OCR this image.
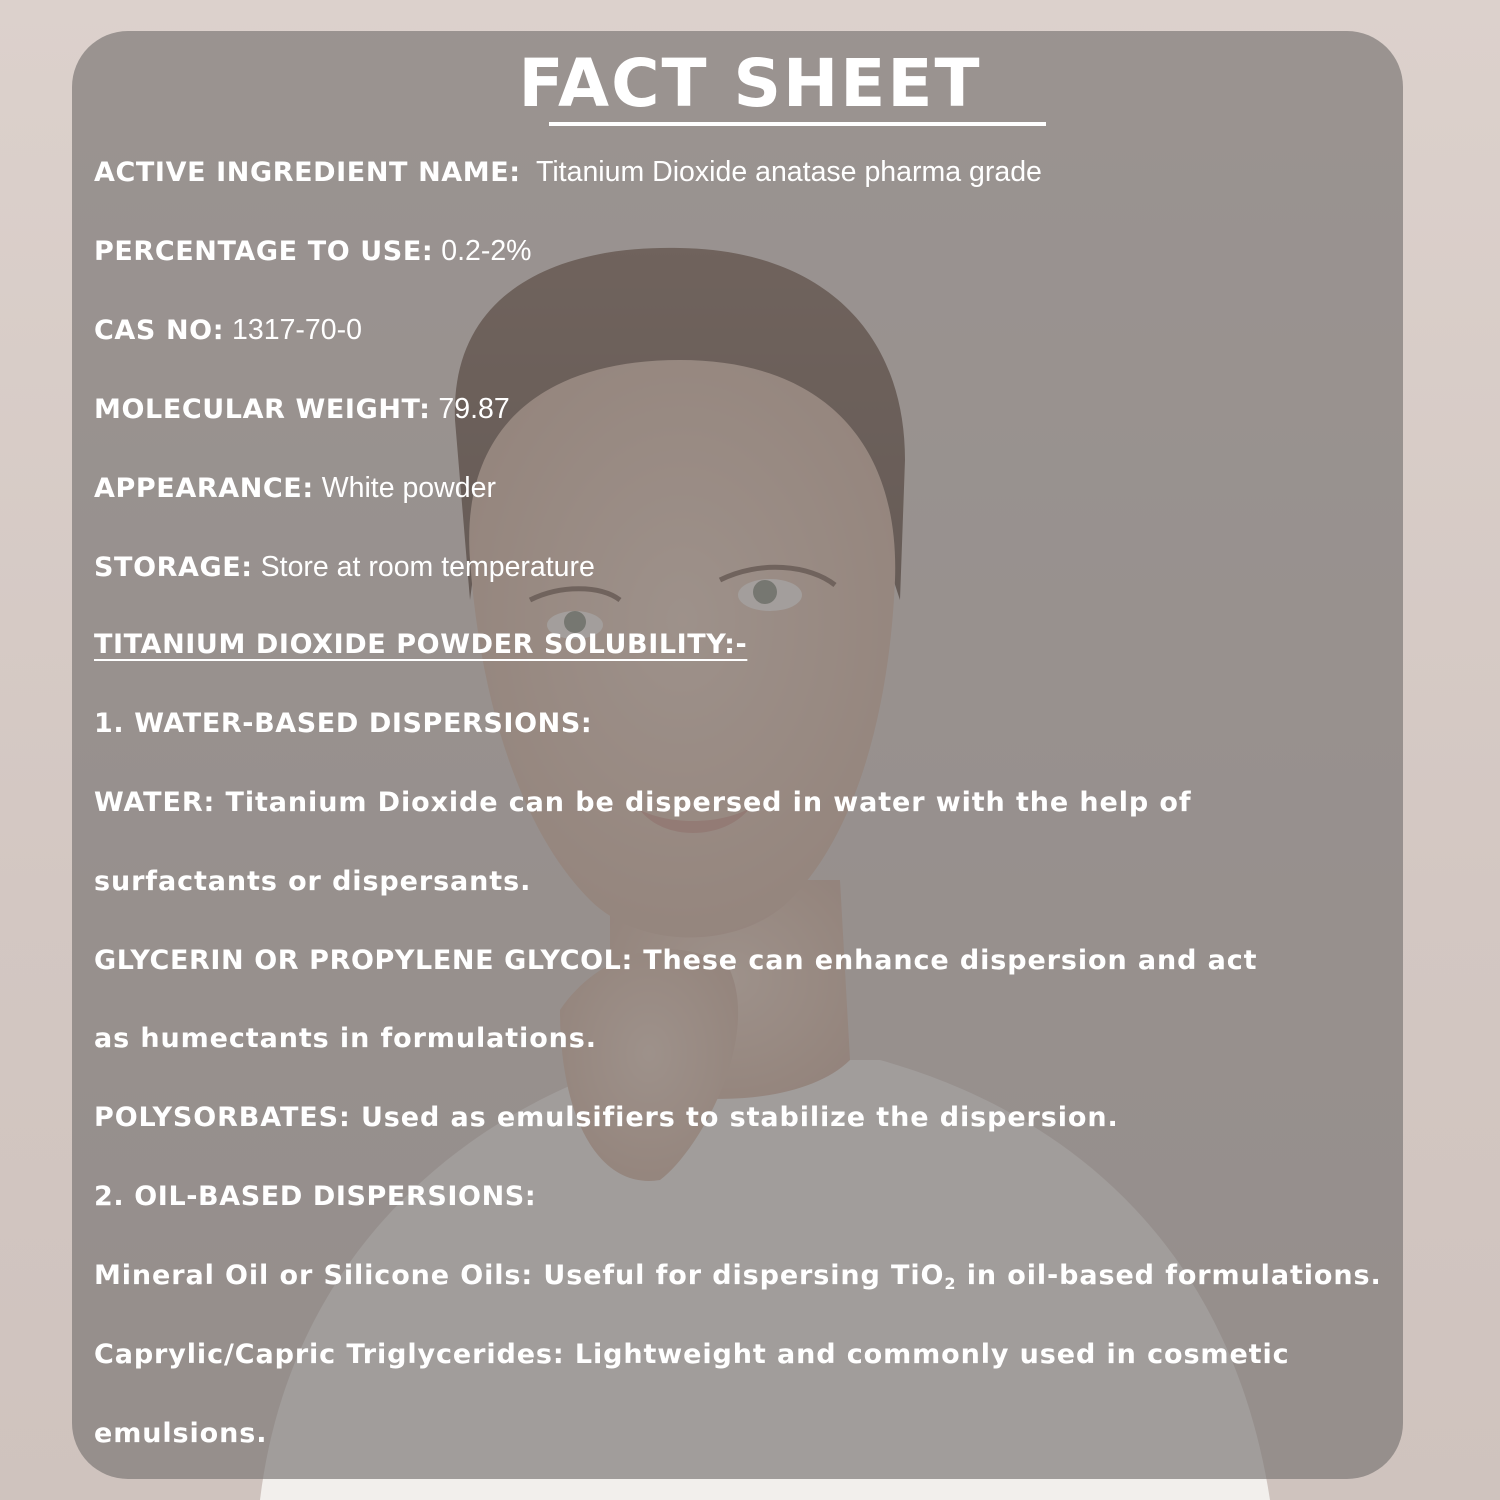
FACT SHEET
ACTIVE INGREDIENT NAME: Titanium Dioxide anatase pharma grade
PERCENTAGE TO USE: 0.2-2%
CAS NO: 1317-70-0
MOLECULAR WEIGHT: 79.87
APPEARANCE: White powder
STORAGE: Store at room temperature
TITANIUM DIOXIDE POWDER SOLUBILITY:-
1. WATER-BASED DISPERSIONS:
WATER: Titanium Dioxide can be dispersed in water with the help of
surfactants or dispersants.
GLYCERIN OR PROPYLENE GLYCOL: These can enhance dispersion and act
as humectants in formulations.
POLYSORBATES: Used as emulsifiers to stabilize the dispersion.
2. OIL-BASED DISPERSIONS:
Mineral Oil or Silicone Oils: Useful for dispersing TiO$_2$ in oil-based formulations.
Caprylic/Capric Triglycerides: Lightweight and commonly used in cosmetic
emulsions.
